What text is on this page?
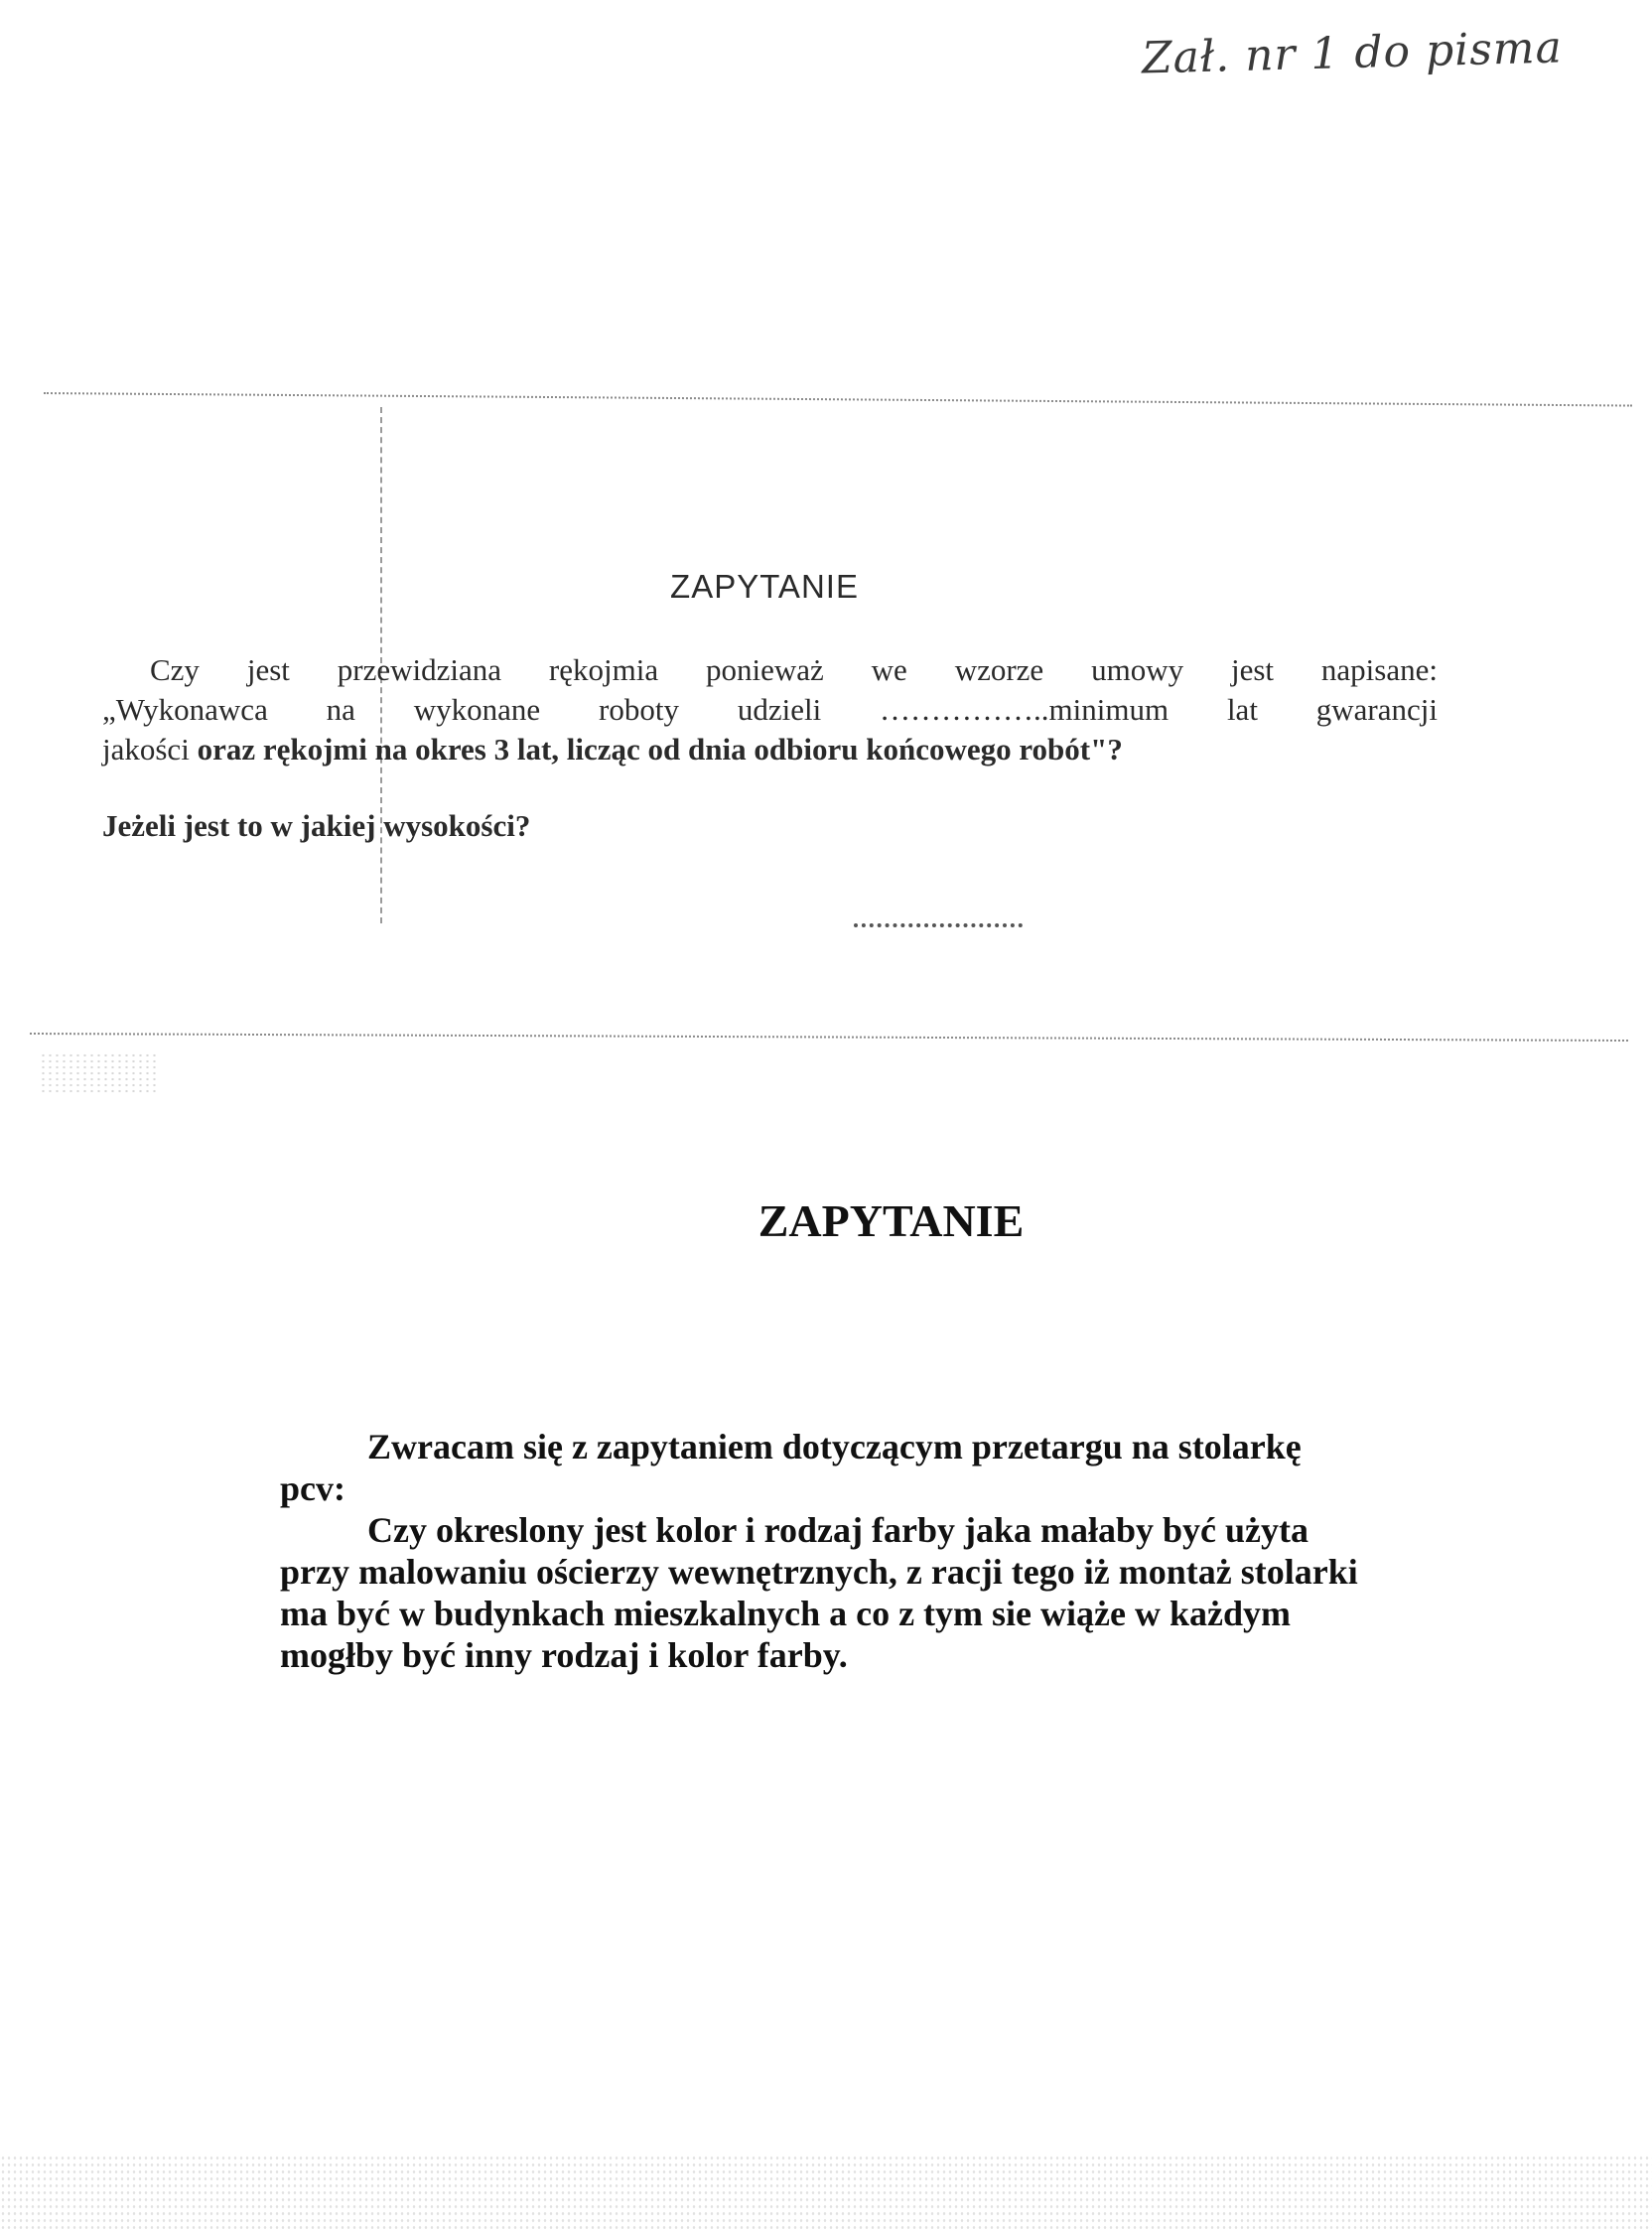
Zał. nr 1 do pisma
ZAPYTANIE
Czy jest przewidziana rękojmia ponieważ we wzorze umowy jest napisane:
„Wykonawca na wykonane roboty udzieli ……………..minimum lat gwarancji
jakości oraz rękojmi na okres 3 lat, licząc od dnia odbioru końcowego robót"?
Jeżeli jest to w jakiej wysokości?
ZAPYTANIE

Zwracam się z zapytaniem dotyczącym przetargu na stolarkę
pcv:

Czy okreslony jest kolor i rodzaj farby jaka małaby być użyta
przy malowaniu ościerzy wewnętrznych, z racji tego iż montaż stolarki
ma być w budynkach mieszkalnych a co z tym sie wiąże w każdym
mogłby być inny rodzaj i kolor farby.
